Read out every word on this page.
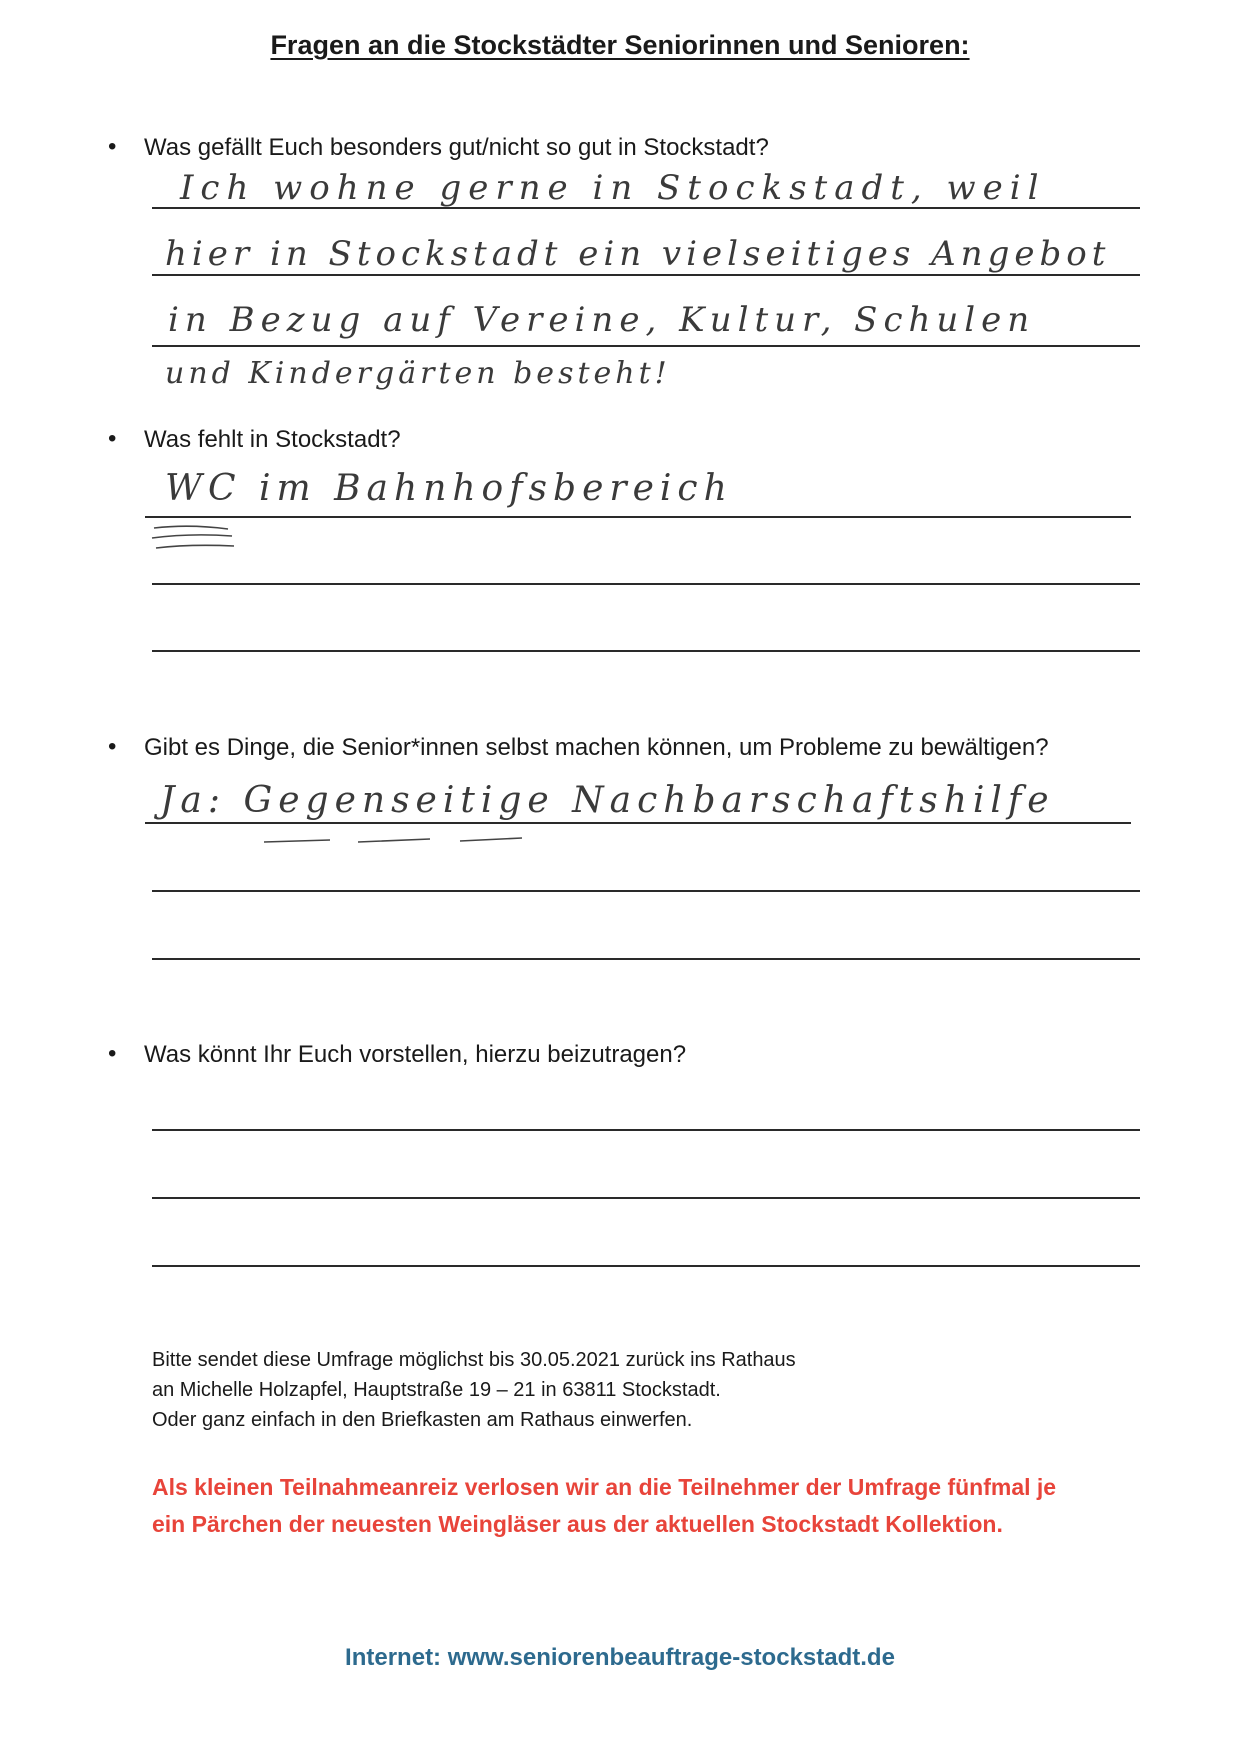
Fragen an die Stockstädter Seniorinnen und Senioren:
• Was gefällt Euch besonders gut/nicht so gut in Stockstadt?
Ich wohne gerne in Stockstadt, weil
hier in Stockstadt ein vielseitiges Angebot
in Bezug auf Vereine, Kultur, Schulen
und Kindergärten besteht!
• Was fehlt in Stockstadt?
WC im Bahnhofsbereich
• Gibt es Dinge, die Senior*innen selbst machen können, um Probleme zu bewältigen?
Ja: Gegenseitige Nachbarschaftshilfe
• Was könnt Ihr Euch vorstellen, hierzu beizutragen?
Bitte sendet diese Umfrage möglichst bis 30.05.2021 zurück ins Rathaus
an Michelle Holzapfel, Hauptstraße 19 – 21 in 63811 Stockstadt.
Oder ganz einfach in den Briefkasten am Rathaus einwerfen.
Als kleinen Teilnahmeanreiz verlosen wir an die Teilnehmer der Umfrage fünfmal je
ein Pärchen der neuesten Weingläser aus der aktuellen Stockstadt Kollektion.
Internet: www.seniorenbeauftrage-stockstadt.de
